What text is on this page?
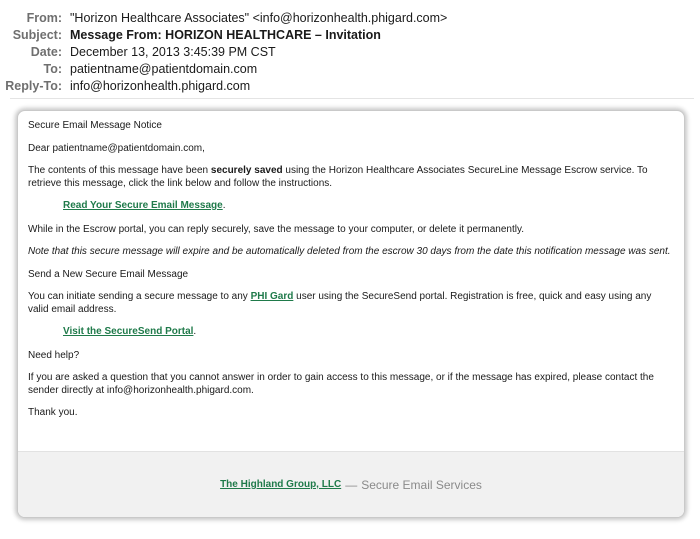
From: "Horizon Healthcare Associates" <info@horizonhealth.phigard.com>
Subject: Message From: HORIZON HEALTHCARE – Invitation
Date: December 13, 2013 3:45:39 PM CST
To: patientname@patientdomain.com
Reply-To: info@horizonhealth.phigard.com

Secure Email Message Notice

Dear patientname@patientdomain.com,

The contents of this message have been securely saved using the Horizon Healthcare Associates SecureLine Message Escrow service. To retrieve this message, click the link below and follow the instructions.

Read Your Secure Email Message.

While in the Escrow portal, you can reply securely, save the message to your computer, or delete it permanently.

Note that this secure message will expire and be automatically deleted from the escrow 30 days from the date this notification message was sent.

Send a New Secure Email Message

You can initiate sending a secure message to any PHI Gard user using the SecureSend portal. Registration is free, quick and easy using any valid email address.

Visit the SecureSend Portal.

Need help?

If you are asked a question that you cannot answer in order to gain access to this message, or if the message has expired, please contact the sender directly at info@horizonhealth.phigard.com.

Thank you.

The Highland Group, LLC — Secure Email Services
